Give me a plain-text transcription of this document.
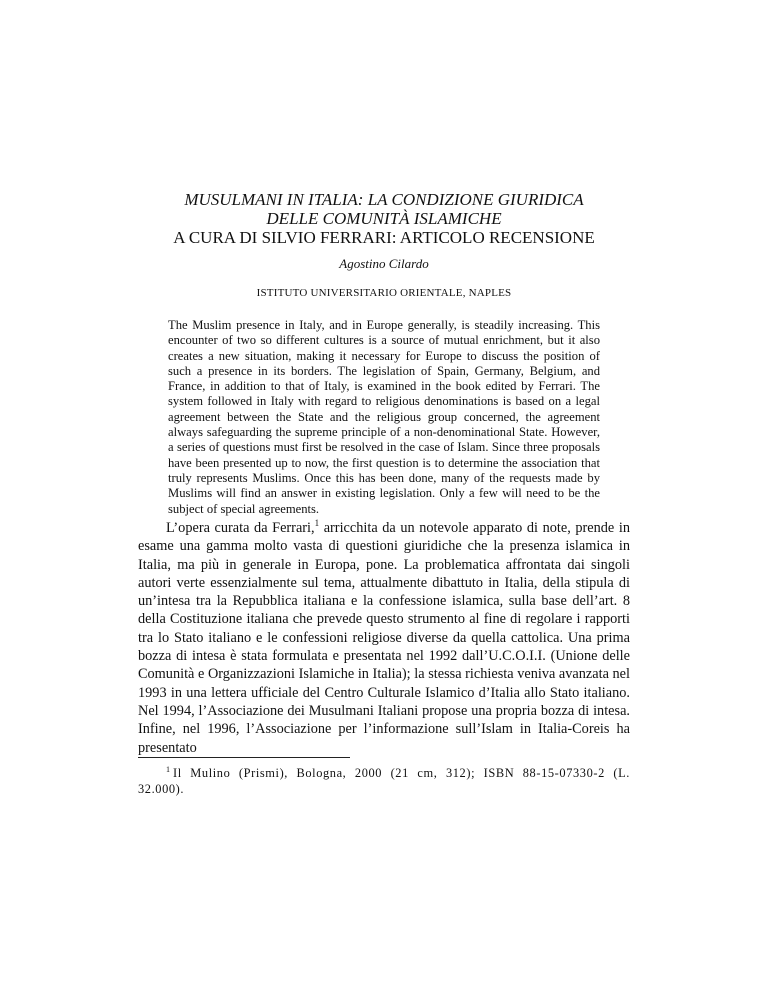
MUSULMANI IN ITALIA: LA CONDIZIONE GIURIDICA
DELLE COMUNITÀ ISLAMICHE
A CURA DI SILVIO FERRARI: ARTICOLO RECENSIONE
Agostino Cilardo
ISTITUTO UNIVERSITARIO ORIENTALE, NAPLES

The Muslim presence in Italy, and in Europe generally, is steadily increasing. This encounter of two so different cultures is a source of mutual enrichment, but it also creates a new situation, making it necessary for Europe to discuss the position of such a presence in its borders. The legislation of Spain, Germany, Belgium, and France, in addition to that of Italy, is examined in the book edited by Ferrari. The system followed in Italy with regard to religious denominations is based on a legal agreement between the State and the religious group concerned, the agreement always safeguarding the supreme principle of a non-denominational State. However, a series of questions must first be resolved in the case of Islam. Since three proposals have been presented up to now, the first question is to determine the association that truly represents Muslims. Once this has been done, many of the requests made by Muslims will find an answer in existing legislation. Only a few will need to be the subject of special agreements.

L’opera curata da Ferrari,$^1$ arricchita da un notevole apparato di note, prende in esame una gamma molto vasta di questioni giuridiche che la presenza islamica in Italia, ma più in generale in Europa, pone. La problematica affrontata dai singoli autori verte essenzialmente sul tema, attualmente dibattuto in Italia, della stipula di un’intesa tra la Repubblica italiana e la confessione islamica, sulla base dell’art. 8 della Costituzione italiana che prevede questo strumento al fine di regolare i rapporti tra lo Stato italiano e le confessioni religiose diverse da quella cattolica. Una prima bozza di intesa è stata formulata e presentata nel 1992 dall’U.C.O.I.I. (Unione delle Comunità e Organizzazioni Islamiche in Italia); la stessa richiesta veniva avanzata nel 1993 in una lettera ufficiale del Centro Culturale Islamico d’Italia allo Stato italiano. Nel 1994, l’Associazione dei Musulmani Italiani propose una propria bozza di intesa. Infine, nel 1996, l’Associazione per l’informazione sull’Islam in Italia-Coreis ha presentato

$^1$ Il Mulino (Prismi), Bologna, 2000 (21 cm, 312); ISBN 88-15-07330-2 (L. 32.000).
